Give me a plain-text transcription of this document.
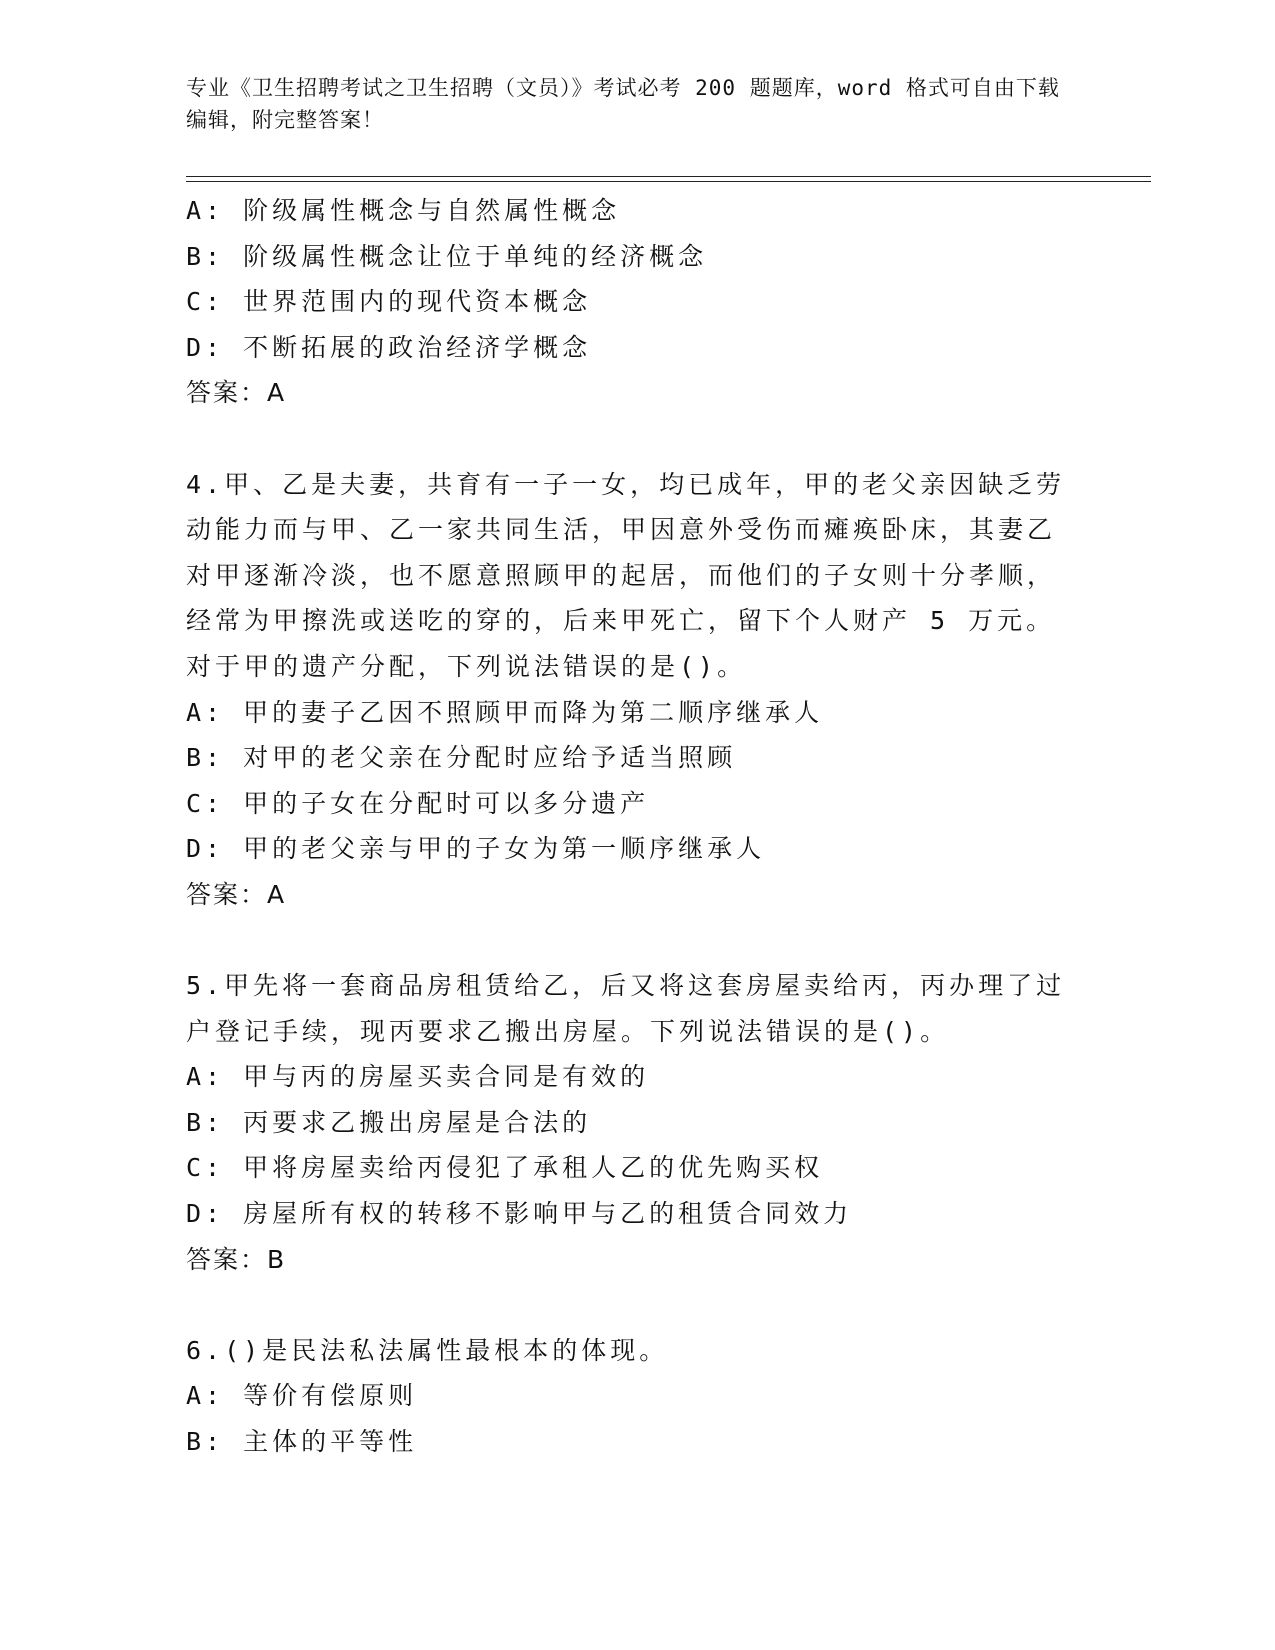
专业《卫生招聘考试之卫生招聘（文员）》考试必考 200 题题库，word 格式可自由下载编辑，附完整答案！
A: 阶级属性概念与自然属性概念
B: 阶级属性概念让位于单纯的经济概念
C: 世界范围内的现代资本概念
D: 不断拓展的政治经济学概念
答案：A
4.甲、乙是夫妻，共育有一子一女，均已成年，甲的老父亲因缺乏劳动能力而与甲、乙一家共同生活，甲因意外受伤而瘫痪卧床，其妻乙对甲逐渐冷淡，也不愿意照顾甲的起居，而他们的子女则十分孝顺，经常为甲擦洗或送吃的穿的，后来甲死亡，留下个人财产 5 万元。对于甲的遗产分配，下列说法错误的是()。
A: 甲的妻子乙因不照顾甲而降为第二顺序继承人
B: 对甲的老父亲在分配时应给予适当照顾
C: 甲的子女在分配时可以多分遗产
D: 甲的老父亲与甲的子女为第一顺序继承人
答案：A
5.甲先将一套商品房租赁给乙，后又将这套房屋卖给丙，丙办理了过户登记手续，现丙要求乙搬出房屋。下列说法错误的是()。
A: 甲与丙的房屋买卖合同是有效的
B: 丙要求乙搬出房屋是合法的
C: 甲将房屋卖给丙侵犯了承租人乙的优先购买权
D: 房屋所有权的转移不影响甲与乙的租赁合同效力
答案：B
6.()是民法私法属性最根本的体现。
A: 等价有偿原则
B: 主体的平等性
